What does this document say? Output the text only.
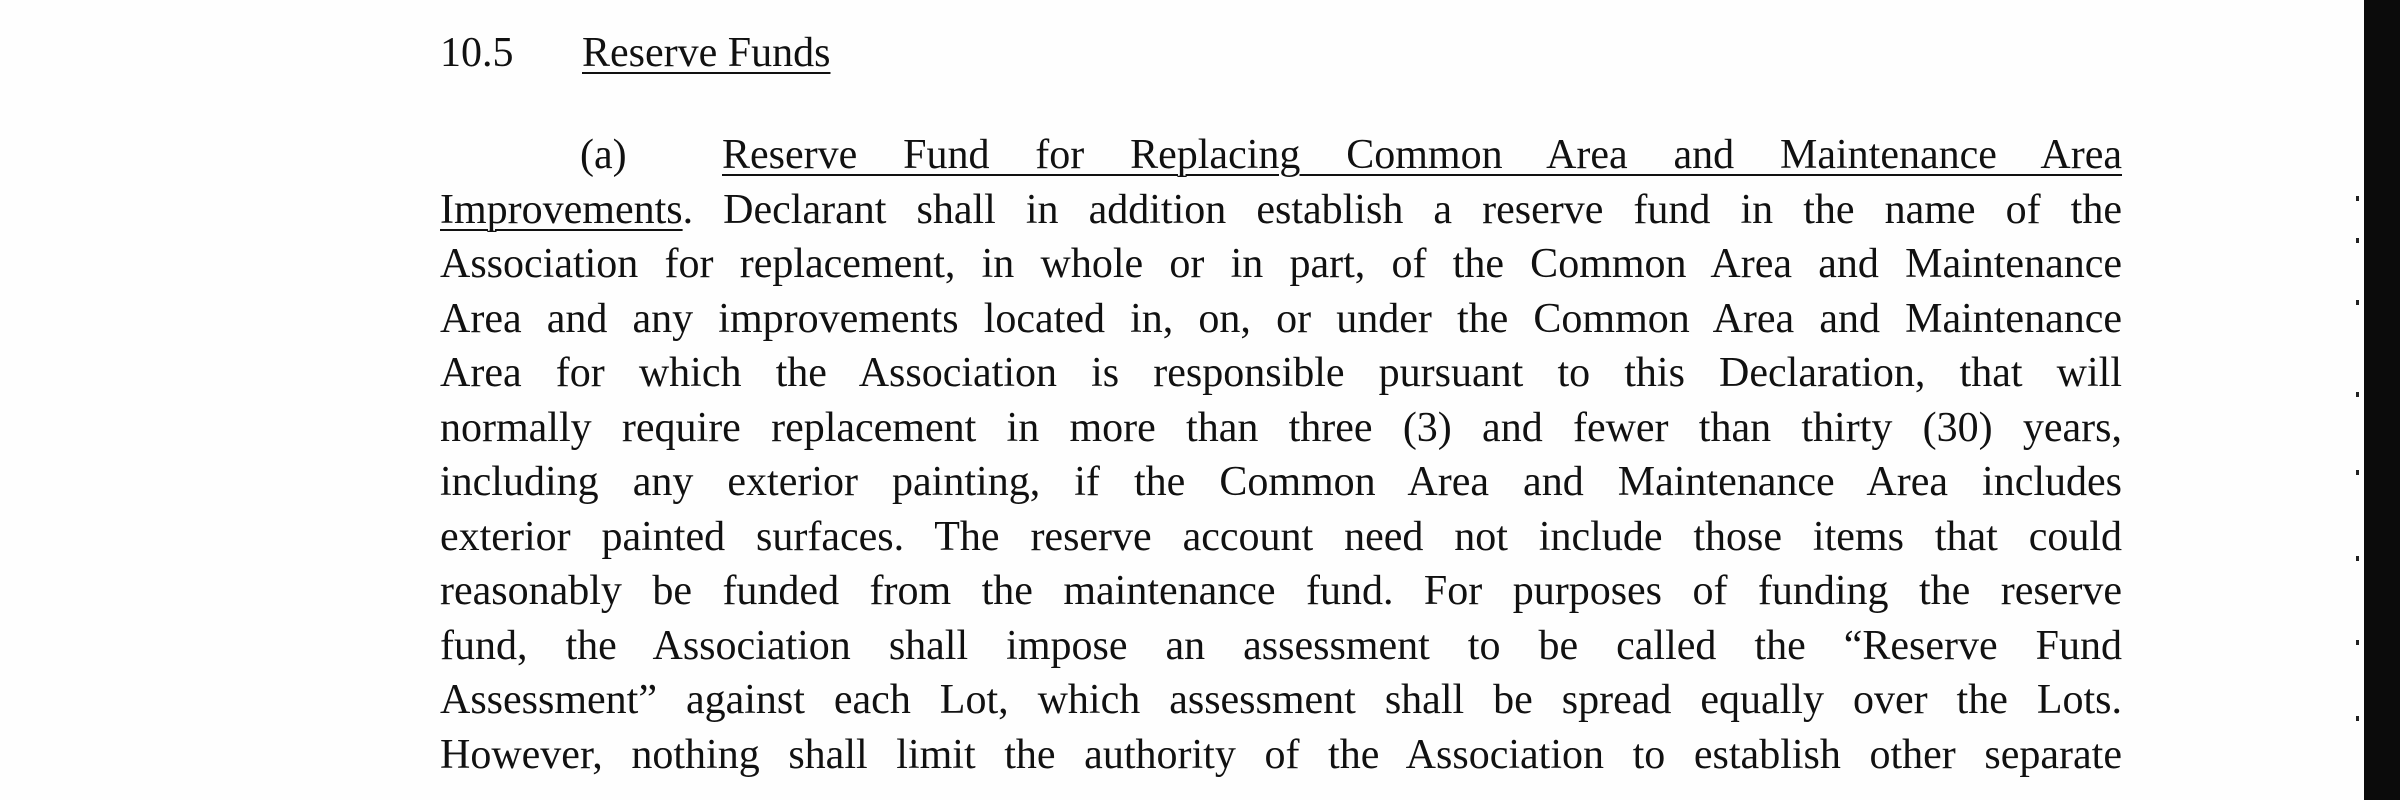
10.5 Reserve Funds
(a) Reserve Fund for Replacing Common Area and Maintenance Area
Improvements. Declarant shall in addition establish a reserve fund in the name of the
Association for replacement, in whole or in part, of the Common Area and Maintenance
Area and any improvements located in, on, or under the Common Area and Maintenance
Area for which the Association is responsible pursuant to this Declaration, that will
normally require replacement in more than three (3) and fewer than thirty (30) years,
including any exterior painting, if the Common Area and Maintenance Area includes
exterior painted surfaces. The reserve account need not include those items that could
reasonably be funded from the maintenance fund. For purposes of funding the reserve
fund, the Association shall impose an assessment to be called the “Reserve Fund
Assessment” against each Lot, which assessment shall be spread equally over the Lots.
However, nothing shall limit the authority of the Association to establish other separate
